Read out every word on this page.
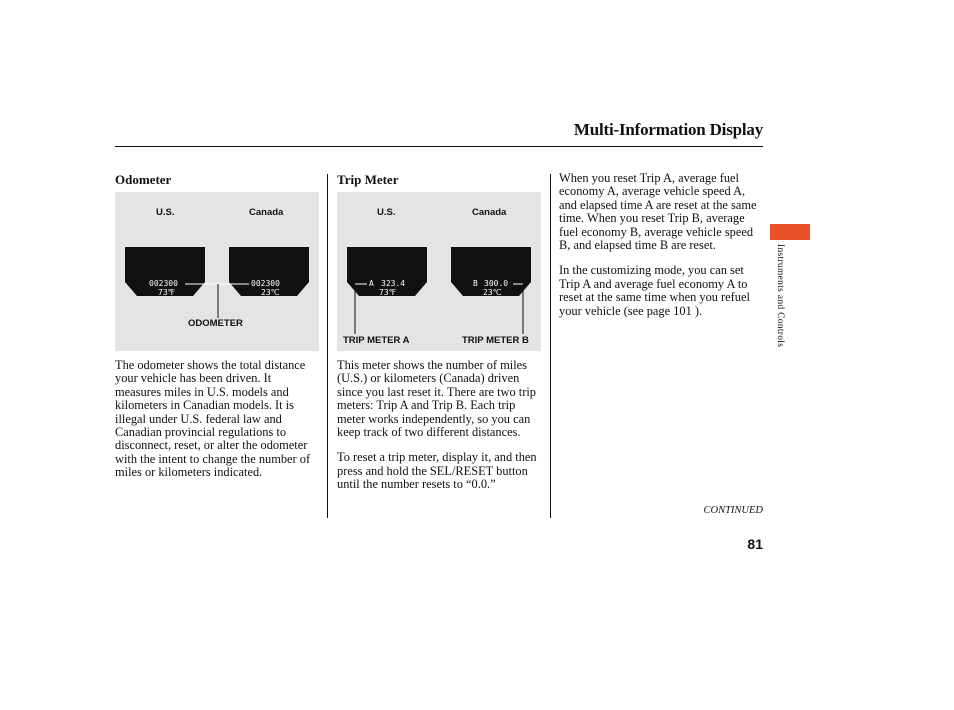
Multi-Information Display
Odometer
U.S.	Canada
002300
73℉
002300
23℃
ODOMETER

The odometer shows the total distance your vehicle has been driven. It measures miles in U.S. models and kilometers in Canadian models. It is illegal under U.S. federal law and Canadian provincial regulations to disconnect, reset, or alter the odometer with the intent to change the number of miles or kilometers indicated.

Trip Meter
U.S.	Canada
A 323.4
73℉
B 300.0
23℃
TRIP METER A	TRIP METER B

This meter shows the number of miles (U.S.) or kilometers (Canada) driven since you last reset it. There are two trip meters: Trip A and Trip B. Each trip meter works independently, so you can keep track of two different distances.

To reset a trip meter, display it, and then press and hold the SEL/RESET button until the number resets to “0.0.”

When you reset Trip A, average fuel economy A, average vehicle speed A, and elapsed time A are reset at the same time. When you reset Trip B, average fuel economy B, average vehicle speed B, and elapsed time B are reset.

In the customizing mode, you can set Trip A and average fuel economy A to reset at the same time when you refuel your vehicle (see page 101 ).	Instruments and Controls
CONTINUED
81
